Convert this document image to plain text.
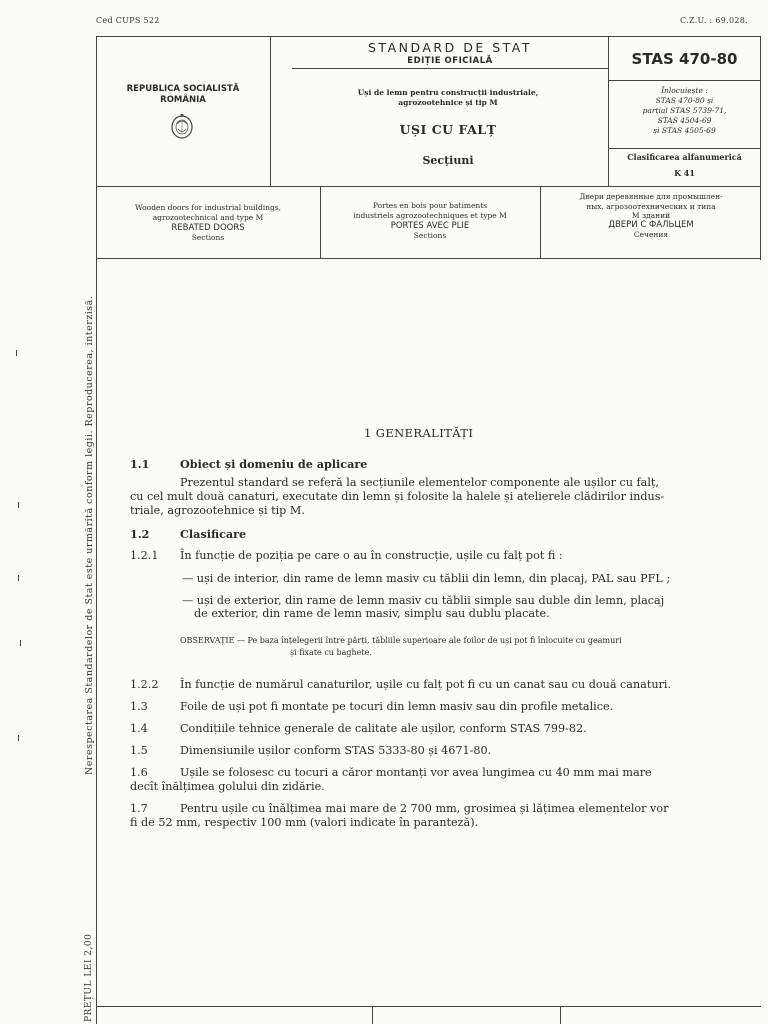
Ced CUPS 522	C.Z.U. : 69.028.
REPUBLICA SOCIALISTĂ
ROMÂNIA
STANDARD DE STAT
EDIȚIE OFICIALĂ
Uși de lemn pentru construcții industriale,
agrozootehnice și tip M
UȘI CU FALȚ
Secțiuni
STAS 470-80
Înlocuiește :
STAS 470-80 și
parțial STAS 5739-71,
STAS 4504-69
și STAS 4505-69
Clasificarea alfanumerică
K 41
Wooden doors for industrial buildings,
agrozootechnical and type M
REBATED DOORS
Sections
Portes en bois pour batiments
industriels agrozootechniques et type M
PORTES AVEC PLIE
Sections
Двери деревянные для промышлен-
ных, агрозоотехнических и типа
М зданий
ДВЕРИ С ФАЛЬЦЕМ
Сечения
Nerespectarea Standardelor de Stat este urmărită conform legii. Reproducerea, interzisă.
PREȚUL LEI 2,00
1 GENERALITĂȚI
1.1	Obiect și domeniu de aplicare
Prezentul standard se referă la secțiunile elementelor componente ale ușilor cu falț,
cu cel mult două canaturi, executate din lemn și folosite la halele și atelierele clădirilor indus-
triale, agrozootehnice și tip M.
1.2	Clasificare
1.2.1 În funcție de poziția pe care o au în construcție, ușile cu falț pot fi :
— uși de interior, din rame de lemn masiv cu tăblii din lemn, din placaj, PAL sau PFL ;
— uși de exterior, din rame de lemn masiv cu tăblii simple sau duble din lemn, placaj
de exterior, din rame de lemn masiv, simplu sau dublu placate.
OBSERVAȚIE — Pe baza înțelegerii între părți, tăbliile superioare ale foilor de uși pot fi înlocuite cu geamuri
și fixate cu baghete.
1.2.2 În funcție de numărul canaturilor, ușile cu falț pot fi cu un canat sau cu două canaturi.
1.3	Foile de uși pot fi montate pe tocuri din lemn masiv sau din profile metalice.
1.4	Condițiile tehnice generale de calitate ale ușilor, conform STAS 799-82.
1.5	Dimensiunile ușilor conform STAS 5333-80 și 4671-80.
1.6	Ușile se folosesc cu tocuri a căror montanți vor avea lungimea cu 40 mm mai mare
decît înălțimea golului din zidărie.
1.7	Pentru ușile cu înălțimea mai mare de 2 700 mm, grosimea și lățimea elementelor vor
fi de 52 mm, respectiv 100 mm (valori indicate în paranteză).
